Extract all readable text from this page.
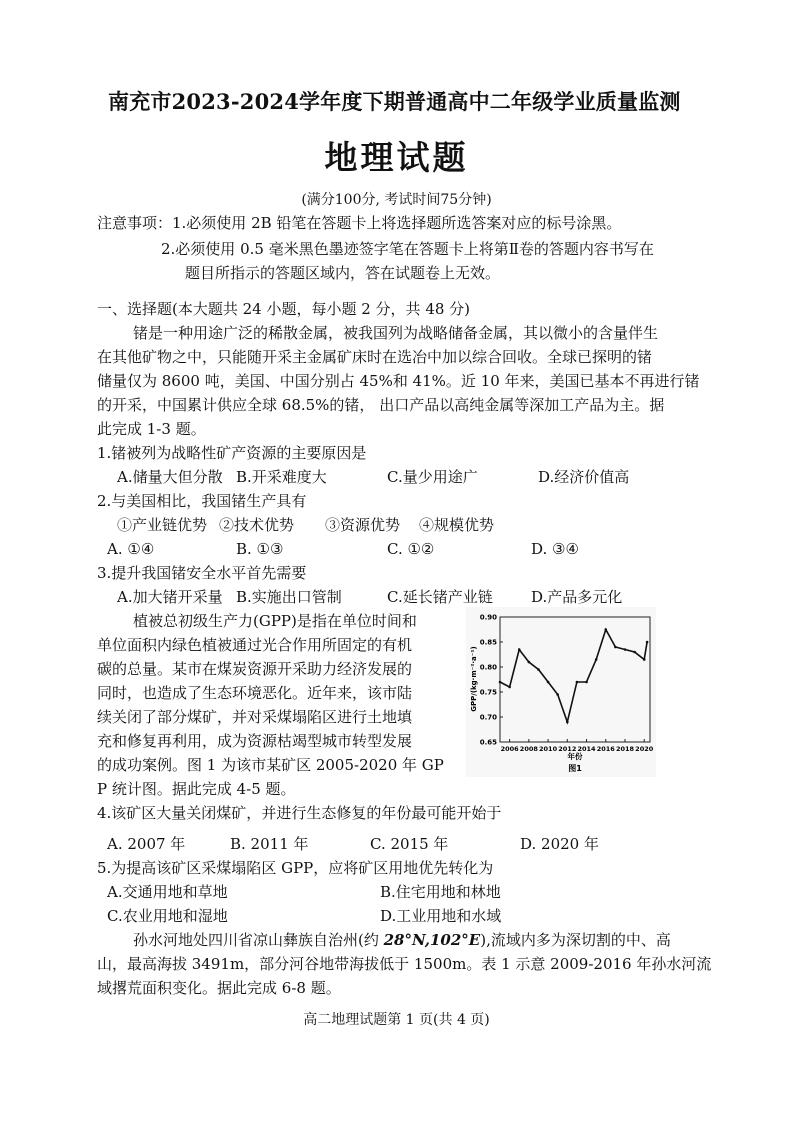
南充市2023-2024学年度下期普通高中二年级学业质量监测
地理试题
(满分100分, 考试时间75分钟)
注意事项：1.必须使用 2B 铅笔在答题卡上将选择题所选答案对应的标号涂黑。
2.必须使用 0.5 毫米黑色墨迹签字笔在答题卡上将第Ⅱ卷的答题内容书写在
题目所指示的答题区域内，答在试题卷上无效。
一、选择题(本大题共 24 小题，每小题 2 分，共 48 分)
锗是一种用途广泛的稀散金属，被我国列为战略储备金属，其以微小的含量伴生
在其他矿物之中，只能随开采主金属矿床时在选冶中加以综合回收。全球已探明的锗
储量仅为 8600 吨，美国、中国分别占 45%和 41%。近 10 年来，美国已基本不再进行锗
的开采，中国累计供应全球 68.5%的锗， 出口产品以高纯金属等深加工产品为主。据
此完成 1-3 题。
1.锗被列为战略性矿产资源的主要原因是
A.储量大但分散 B.开采难度大	C.量少用途广	D.经济价值高
2.与美国相比，我国锗生产具有
①产业链优势 ②技术优势 ③资源优势 ④规模优势
A. ①④	B. ①③	C. ①②	D. ③④
3.提升我国锗安全水平首先需要
A.加大锗开采量 B.实施出口管制	C.延长锗产业链	D.产品多元化
植被总初级生产力(GPP)是指在单位时间和
单位面积内绿色植被通过光合作用所固定的有机
碳的总量。某市在煤炭资源开采助力经济发展的
同时，也造成了生态环境恶化。近年来，该市陆
续关闭了部分煤矿，并对采煤塌陷区进行土地填
充和修复再利用，成为资源枯竭型城市转型发展
的成功案例。图 1 为该市某矿区 2005-2020 年 GP
P 统计图。据此完成 4-5 题。
0.65
0.70
0.75
0.80
0.85
0.90
2006 2008 2010 2012 2014 2016 2018 2020
GPP/(kg·m⁻²·a⁻¹)
年份
图1
4.该矿区大量关闭煤矿，并进行生态修复的年份最可能开始于
A. 2007 年	B. 2011 年	C. 2015 年	D. 2020 年
5.为提高该矿区采煤塌陷区 GPP，应将矿区用地优先转化为
A.交通用地和草地	B.住宅用地和林地
C.农业用地和湿地	D.工业用地和水域
孙水河地处四川省凉山彝族自治州(约 28°N,102°E),流域内多为深切割的中、高
山，最高海拔 3491m，部分河谷地带海拔低于 1500m。表 1 示意 2009-2016 年孙水河流
域撂荒面积变化。据此完成 6-8 题。
高二地理试题第 1 页(共 4 页)
